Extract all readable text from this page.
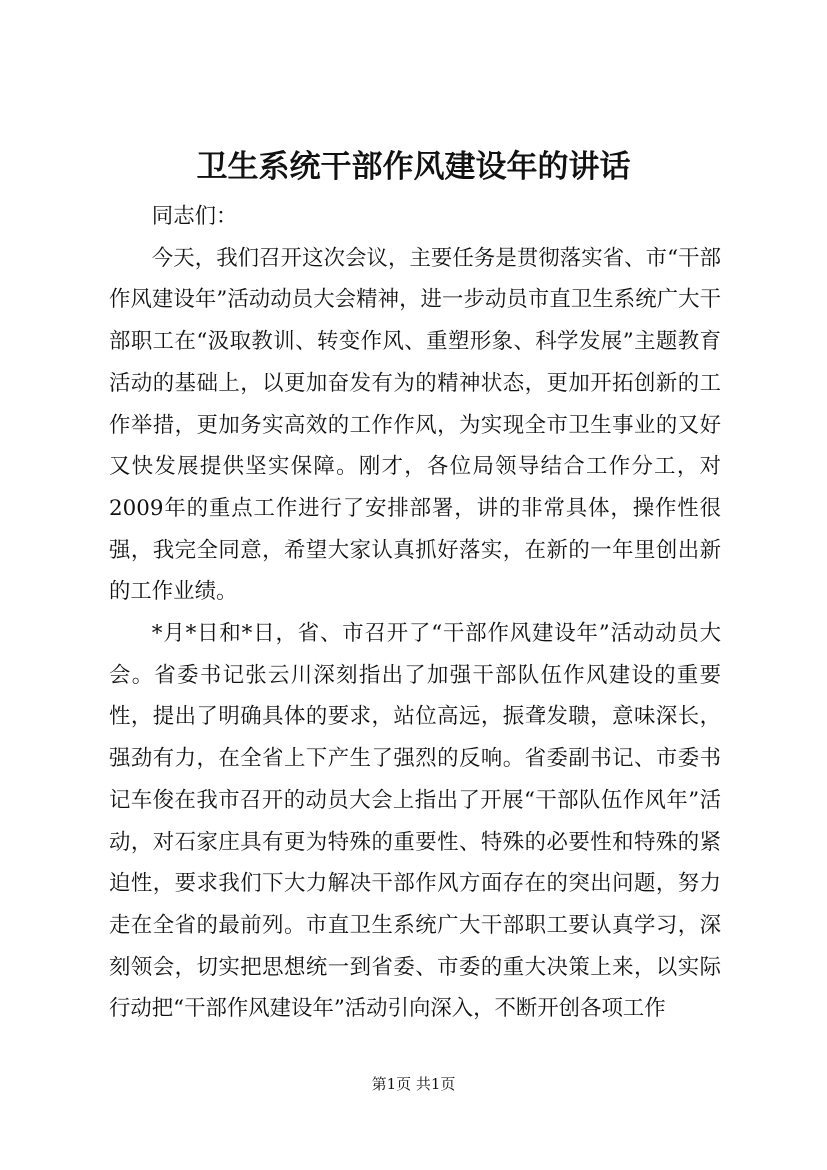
卫生系统干部作风建设年的讲话

同志们：

今天，我们召开这次会议，主要任务是贯彻落实省、市“干部作风建设年”活动动员大会精神，进一步动员市直卫生系统广大干部职工在“汲取教训、转变作风、重塑形象、科学发展”主题教育活动的基础上，以更加奋发有为的精神状态，更加开拓创新的工作举措，更加务实高效的工作作风，为实现全市卫生事业的又好又快发展提供坚实保障。刚才，各位局领导结合工作分工，对2009年的重点工作进行了安排部署，讲的非常具体，操作性很强，我完全同意，希望大家认真抓好落实，在新的一年里创出新的工作业绩。

*月*日和*日，省、市召开了“干部作风建设年”活动动员大会。省委书记张云川深刻指出了加强干部队伍作风建设的重要性，提出了明确具体的要求，站位高远，振聋发聩，意味深长，强劲有力，在全省上下产生了强烈的反响。省委副书记、市委书记车俊在我市召开的动员大会上指出了开展“干部队伍作风年”活动，对石家庄具有更为特殊的重要性、特殊的必要性和特殊的紧迫性，要求我们下大力解决干部作风方面存在的突出问题，努力走在全省的最前列。市直卫生系统广大干部职工要认真学习，深刻领会，切实把思想统一到省委、市委的重大决策上来，以实际行动把“干部作风建设年”活动引向深入，不断开创各项工作

第1页 共1页
